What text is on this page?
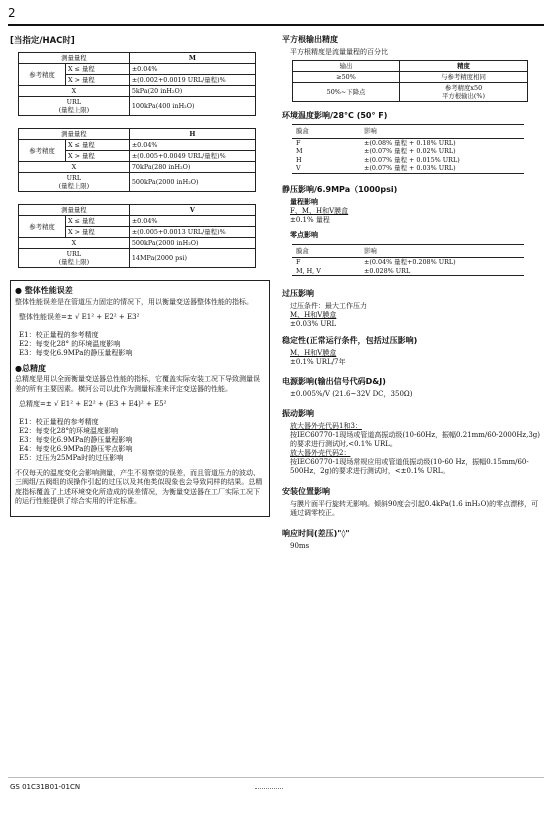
2
[当指定/HAC时]
测量量程		M
参考精度	X ≤ 量程	±0.04%
	X > 量程	±(0.002+0.0019 URL/量程)%
X		5kPa(20 inH₂O)
URL
(量程上限)		100kPa(400 inH₂O)
测量量程		H
参考精度	X ≤ 量程	±0.04%
	X > 量程	±(0.005+0.0049 URL/量程)%
X		70kPa(280 inH₂O)
URL
(量程上限)		500kPa(2000 inH₂O)
测量量程		V
参考精度	X ≤ 量程	±0.04%
	X > 量程	±(0.005+0.0013 URL/量程)%
X		500kPa(2000 inH₂O)
URL
(量程上限)		14MPa(2000 psi)
● 整体性能误差

整体性能误差是在管道压力固定的情况下，用以衡量变送器整体性能的指标。

整体性能误差=± √ E1² + E2² + E3²
E1：校正量程的参考精度
E2：每变化28° 的环境温度影响
E3：每变化6.9MPa的静压量程影响
●总精度

总精度是用以全面衡量变送器总性能的指标，它覆盖实际安装工况下导致测量误差的所有主要因素。横河公司以此作为测量标准来评定变送器的性能。

总精度=± √ E1² + E2² + (E3 + E4)² + E5²
E1：校正量程的参考精度
E2：每变化28°的环境温度影响
E3：每变化6.9MPa的静压量程影响
E4：每变化6.9MPa的静压零点影响
E5：过压为25MPa时的过压影响

不仅每天的温度变化会影响测量，产生不易察觉的误差，而且管道压力的波动、三阀组/五阀组的误操作引起的过压以及其他类似现象也会导致同样的结果。总精度指标覆盖了上述环境变化所造成的误差情况，为衡量变送器在工厂实际工况下的运行性能提供了综合实用的评定标准。

平方根输出精度
平方根精度是流量量程的百分比
输出	精度
≥50%	与参考精度相同
50%~下降点	参考精度x50
平方根输出(%)
环境温度影响/28°C (50° F)
膜盒	影响
F	±(0.08% 量程 + 0.18% URL)
M	±(0.07% 量程 + 0.02% URL)
H	±(0.07% 量程 + 0.015% URL)
V	±(0.07% 量程 + 0.03% URL)
静压影响/6.9MPa（1000psi)
量程影响
F、M、H和V膜盒
±0.1% 量程
零点影响
膜盒	影响
F	±(0.04% 量程+0.208% URL)
M, H, V	±0.028% URL
过压影响
过压条件：最大工作压力
M、H和V膜盒
±0.03% URL
稳定性(正常运行条件，包括过压影响)
M、H和V膜盒
±0.1% URL/7年
电源影响(输出信号代码D&J)
±0.005%/V (21.6~32V DC，350Ω)
振动影响
放大器外壳代码1和3：
按IEC60770-1现场或管道高振动级(10-60Hz，振幅0.21mm/60-2000Hz,3g)的要求进行测试时,<0.1% URL。
放大器外壳代码2：
按IEC60770-1现场常规应用或管道低振动级(10-60 Hz，振幅0.15mm/60-500Hz，2g)的要求进行测试时，<±0.1% URL。
安装位置影响
与膜片面平行旋转无影响。倾斜90度会引起0.4kPa(1.6 inH₂O)的零点漂移，可通过调零校正。
响应时间(差压)"◊"
90ms
GS 01C31B01-01CN
